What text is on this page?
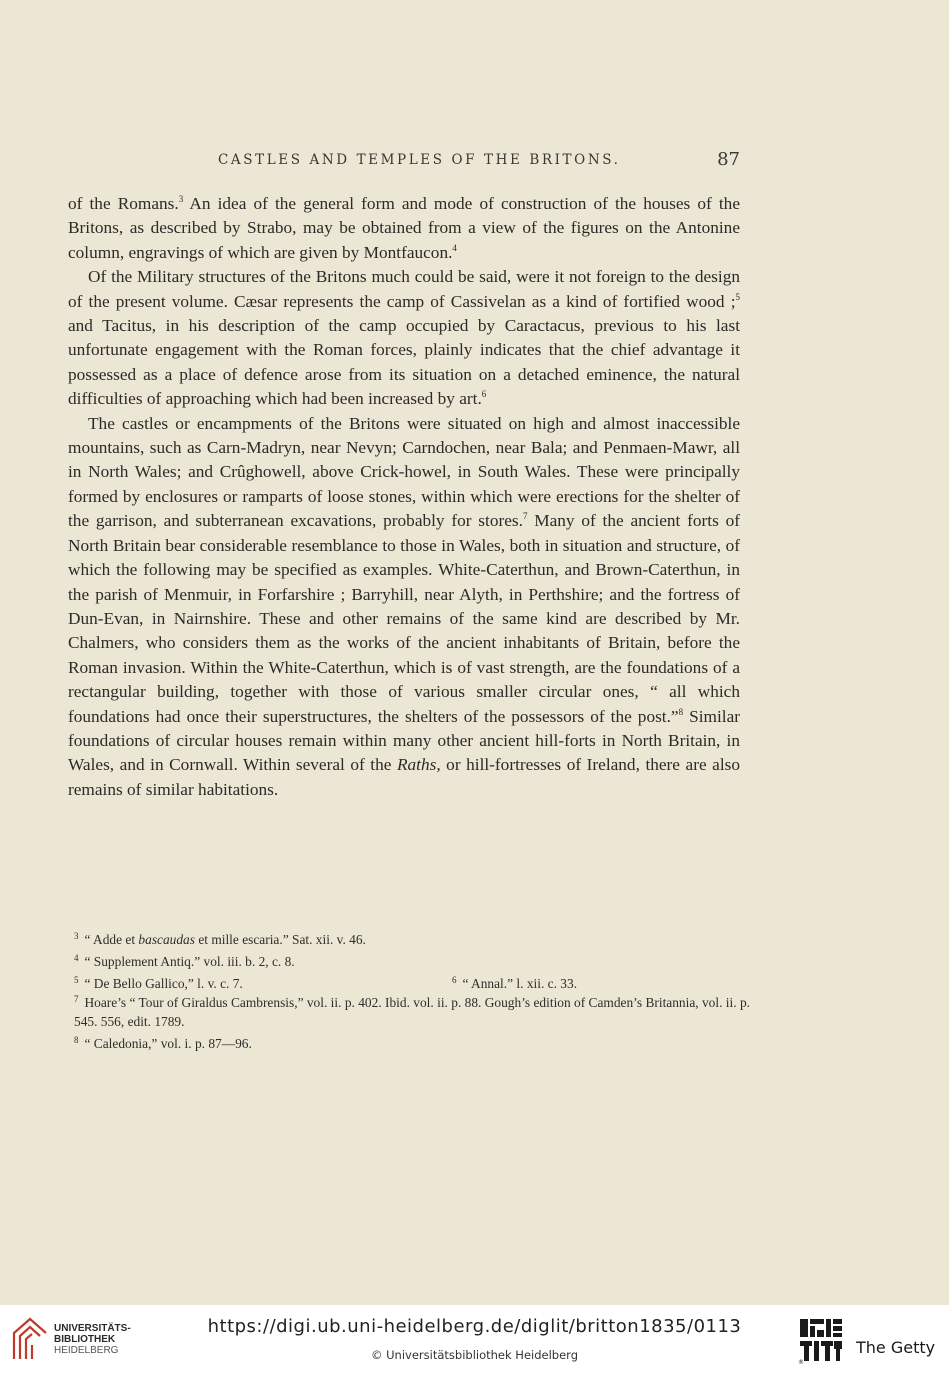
CASTLES AND TEMPLES OF THE BRITONS.	87

of the Romans.$^3$ An idea of the general form and mode of construction of the houses of the Britons, as described by Strabo, may be obtained from a view of the figures on the Antonine column, engravings of which are given by Montfaucon.$^4$

Of the Military structures of the Britons much could be said, were it not foreign to the design of the present volume. Cæsar represents the camp of Cassivelan as a kind of fortified wood ;$^5$ and Tacitus, in his description of the camp occupied by Caractacus, previous to his last unfortunate engagement with the Roman forces, plainly indicates that the chief advantage it possessed as a place of defence arose from its situation on a detached eminence, the natural difficulties of approaching which had been increased by art.$^6$

The castles or encampments of the Britons were situated on high and almost inaccessible mountains, such as Carn-Madryn, near Nevyn; Carndochen, near Bala; and Penmaen-Mawr, all in North Wales; and Crûghowell, above Crick-howel, in South Wales. These were principally formed by enclosures or ramparts of loose stones, within which were erections for the shelter of the garrison, and subterranean excavations, probably for stores.$^7$ Many of the ancient forts of North Britain bear considerable resemblance to those in Wales, both in situation and structure, of which the following may be specified as examples. White-Caterthun, and Brown-Caterthun, in the parish of Menmuir, in Forfarshire ; Barryhill, near Alyth, in Perthshire; and the fortress of Dun-Evan, in Nairnshire. These and other remains of the same kind are described by Mr. Chalmers, who considers them as the works of the ancient inhabitants of Britain, before the Roman invasion. Within the White-Caterthun, which is of vast strength, are the foundations of a rectangular building, together with those of various smaller circular ones, “ all which foundations had once their superstructures, the shelters of the possessors of the post.”$^8$ Similar foundations of circular houses remain within many other ancient hill-forts in North Britain, in Wales, and in Cornwall. Within several of the Raths, or hill-fortresses of Ireland, there are also remains of similar habitations.

$^3$ “ Adde et bascaudas et mille escaria.” Sat. xii. v. 46.
$^4$ “ Supplement Antiq.” vol. iii. b. 2, c. 8.
$^5$ “ De Bello Gallico,” l. v. c. 7.	$^6$ “ Annal.” l. xii. c. 33.
$^7$ Hoare’s “ Tour of Giraldus Cambrensis,” vol. ii. p. 402. Ibid. vol. ii. p. 88. Gough’s edition of Camden’s Britannia, vol. ii. p. 545. 556, edit. 1789.
$^8$ “ Caledonia,” vol. i. p. 87—96.
UNIVERSITÄTS-
BIBLIOTHEK
HEIDELBERG
https://digi.ub.uni-heidelberg.de/diglit/britton1835/0113
© Universitätsbibliothek Heidelberg
®
The Getty
